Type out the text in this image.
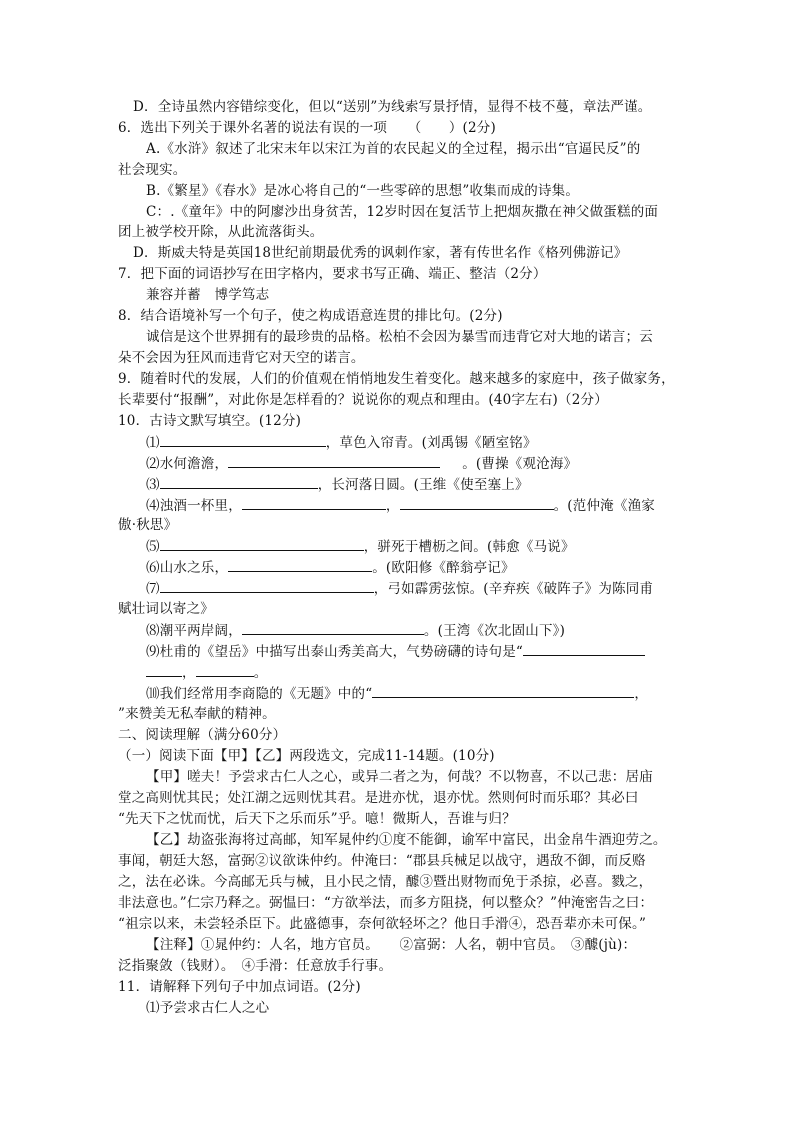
D．全诗虽然内容错综变化，但以“送别”为线索写景抒情，显得不枝不蔓，章法严谨。
6．选出下列关于课外名著的说法有误的一项　　（　　）(2分)
A.《水浒》叙述了北宋末年以宋江为首的农民起义的全过程，揭示出“官逼民反”的
社会现实。
B.《繁星》《春水》是冰心将自己的“一些零碎的思想”收集而成的诗集。
C：.《童年》中的阿廖沙出身贫苦，12岁时因在复活节上把烟灰撒在神父做蛋糕的面
团上被学校开除，从此流落街头。
D．斯威夫特是英国18世纪前期最优秀的讽刺作家，著有传世名作《格列佛游记》
7．把下面的词语抄写在田字格内，要求书写正确、端正、整洁（2分）
兼容并蓄　博学笃志
8．结合语境补写一个句子，使之构成语意连贯的排比句。(2分)
诚信是这个世界拥有的最珍贵的品格。松柏不会因为暴雪而违背它对大地的诺言；云
朵不会因为狂风而违背它对天空的诺言。
9．随着时代的发展，人们的价值观在悄悄地发生着变化。越来越多的家庭中，孩子做家务，
长辈要付“报酬”，对此你是怎样看的？说说你的观点和理由。(40字左右)（2分）
10．古诗文默写填空。(12分)
⑴	，草色入帘青。(刘禹锡《陋室铭》
⑵水何澹澹，	。(曹操《观沧海》
⑶	，长河落日圆。(王维《使至塞上》
⑷浊酒一杯里，	，	。(范仲淹《渔家
傲·秋思》
⑸	，骈死于槽枥之间。(韩愈《马说》
⑹山水之乐，	。(欧阳修《醉翁亭记》
⑺	，弓如霹雳弦惊。(辛弃疾《破阵子》为陈同甫
赋壮词以寄之》
⑻潮平两岸阔，	。(王湾《次北固山下》)
⑼杜甫的《望岳》中描写出泰山秀美高大，气势磅礴的诗句是“
，	。
⑽我们经常用李商隐的《无题》中的“	，
”来赞美无私奉献的精神。
二、阅读理解（满分60分）
（一）阅读下面【甲】【乙】两段选文，完成11-14题。(10分)
【甲】嗟夫！予尝求古仁人之心，或异二者之为，何哉？不以物喜，不以己悲：居庙
堂之高则忧其民；处江湖之远则忧其君。是进亦忧，退亦忧。然则何时而乐耶？其必曰
“先天下之忧而忧，后天下之乐而乐”乎。噫！微斯人，吾谁与归？
【乙】劫盗张海将过高邮，知军晁仲约①度不能御，谕军中富民，出金帛牛酒迎劳之。
事闻，朝廷大怒，富弼②议欲诛仲约。仲淹曰：“郡县兵械足以战守，遇敌不御，而反赂
之，法在必诛。今高邮无兵与械，且小民之情，醵③暨出财物而免于杀掠，必喜。戮之，
非法意也。”仁宗乃释之。弼愠曰：“方欲举法，而多方阻挠，何以整众？”仲淹密告之曰：
“祖宗以来，未尝轻杀臣下。此盛德事，奈何欲轻坏之？他日手滑④，恐吾辈亦未可保。”
【注释】①晁仲约：人名，地方官员。　　②富弼：人名，朝中官员。　③醵(jù)：
泛指聚敛（钱财）。　④手滑：任意放手行事。
11．请解释下列句子中加点词语。(2分)
⑴予尝求古仁人之心
